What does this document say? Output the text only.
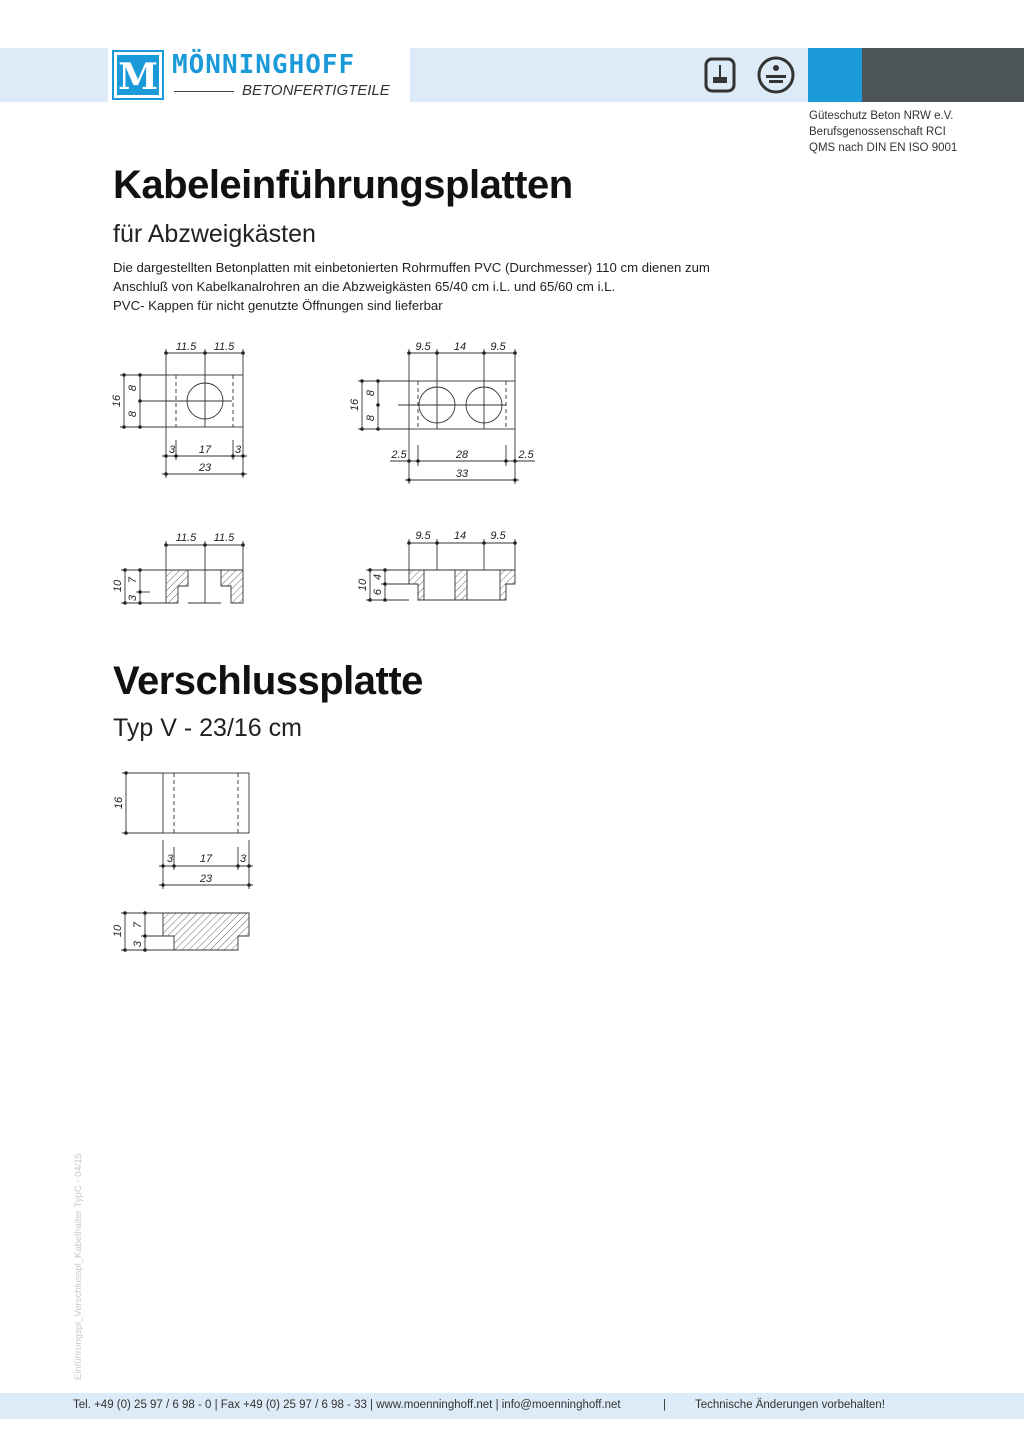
M MÖNNINGHOFF
BETONFERTIGTEILE
Güteschutz Beton NRW e.V.
Berufsgenossenschaft RCI
QMS nach DIN EN ISO 9001
Kabeleinführungsplatten
für Abzweigkästen
Die dargestellten Betonplatten mit einbetonierten Rohrmuffen PVC (Durchmesser) 110 cm dienen zum
Anschluß von Kabelkanalrohren an die Abzweigkästen 65/40 cm i.L. und 65/60 cm i.L.
PVC- Kappen für nicht genutzte Öffnungen sind lieferbar
11.5 11.5
16
8
8
3 17 3
23
9.5 14 9.5
16
8
8
2.5	28	2.5
33
11.5 11.5
10 7
3
9.5 14 9.5
10
4
6
16
3 17	3
23
10 7
3
Verschlussplatte
Typ V - 23/16 cm
Einführungspl_Verschlusspl_Kabelhalter TypC - 04/15
Tel. +49 (0) 25 97 / 6 98 - 0 | Fax +49 (0) 25 97 / 6 98 - 33 | www.moenninghoff.net | info@moenninghoff.net	|	Technische Änderungen vorbehalten!
